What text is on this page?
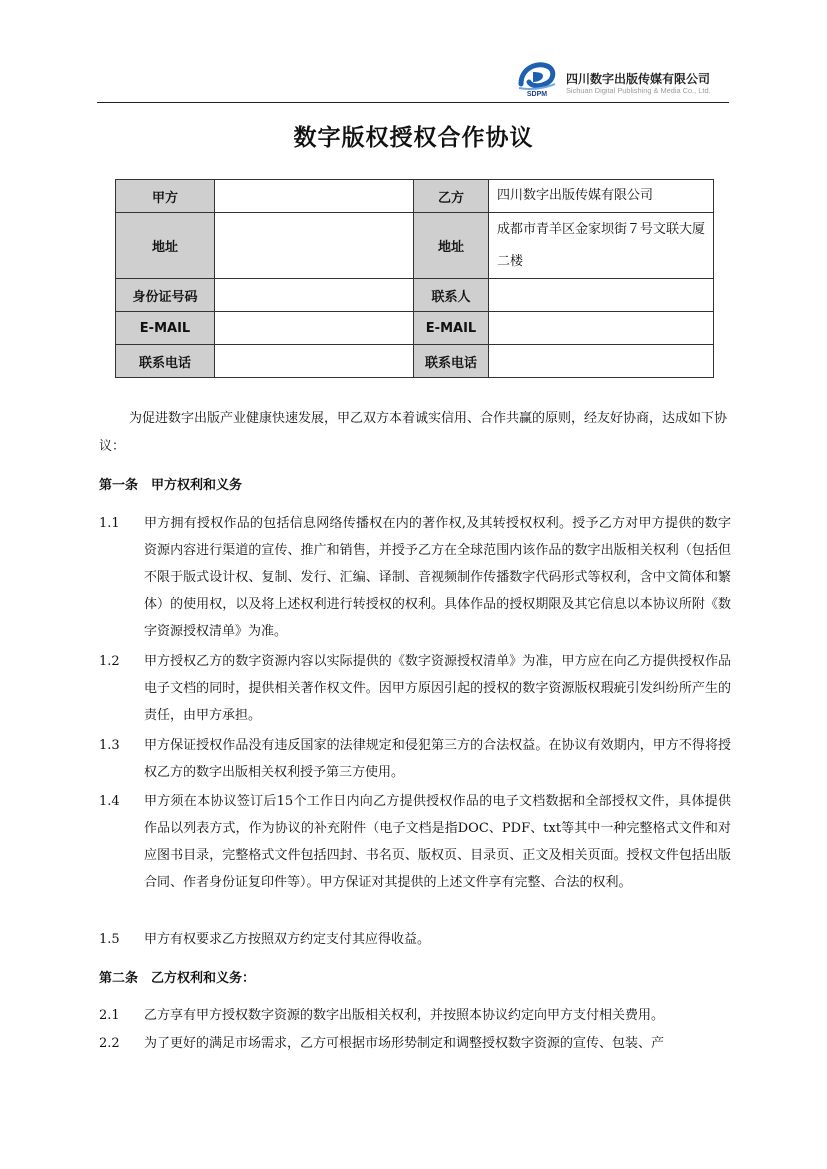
SDPM
四川数字出版传媒有限公司
Sichuan Digital Publishing & Media Co., Ltd.
数字版权授权合作协议
甲方		乙方	四川数字出版传媒有限公司
地址		地址	成都市青羊区金家坝街７号文联大厦二楼
身份证号码		联系人	
E-MAIL		E-MAIL	
联系电话		联系电话	
为促进数字出版产业健康快速发展，甲乙双方本着诚实信用、合作共赢的原则，经友好协商，达成如下协议：
第一条　甲方权利和义务
1.1 甲方拥有授权作品的包括信息网络传播权在内的著作权,及其转授权权利。授予乙方对甲方提供的数字资源内容进行渠道的宣传、推广和销售，并授予乙方在全球范围内该作品的数字出版相关权利（包括但不限于版式设计权、复制、发行、汇编、译制、音视频制作传播数字代码形式等权利，含中文简体和繁体）的使用权，以及将上述权利进行转授权的权利。具体作品的授权期限及其它信息以本协议所附《数字资源授权清单》为准。
1.2 甲方授权乙方的数字资源内容以实际提供的《数字资源授权清单》为准，甲方应在向乙方提供授权作品电子文档的同时，提供相关著作权文件。因甲方原因引起的授权的数字资源版权瑕疵引发纠纷所产生的责任，由甲方承担。
1.3 甲方保证授权作品没有违反国家的法律规定和侵犯第三方的合法权益。在协议有效期内，甲方不得将授权乙方的数字出版相关权利授予第三方使用。
1.4 甲方须在本协议签订后15个工作日内向乙方提供授权作品的电子文档数据和全部授权文件，具体提供作品以列表方式，作为协议的补充附件（电子文档是指DOC、PDF、txt等其中一种完整格式文件和对应图书目录，完整格式文件包括四封、书名页、版权页、目录页、正文及相关页面。授权文件包括出版合同、作者身份证复印件等）。甲方保证对其提供的上述文件享有完整、合法的权利。
1.5 甲方有权要求乙方按照双方约定支付其应得收益。
第二条　乙方权利和义务：
2.1 乙方享有甲方授权数字资源的数字出版相关权利，并按照本协议约定向甲方支付相关费用。
2.2 为了更好的满足市场需求，乙方可根据市场形势制定和调整授权数字资源的宣传、包装、产
